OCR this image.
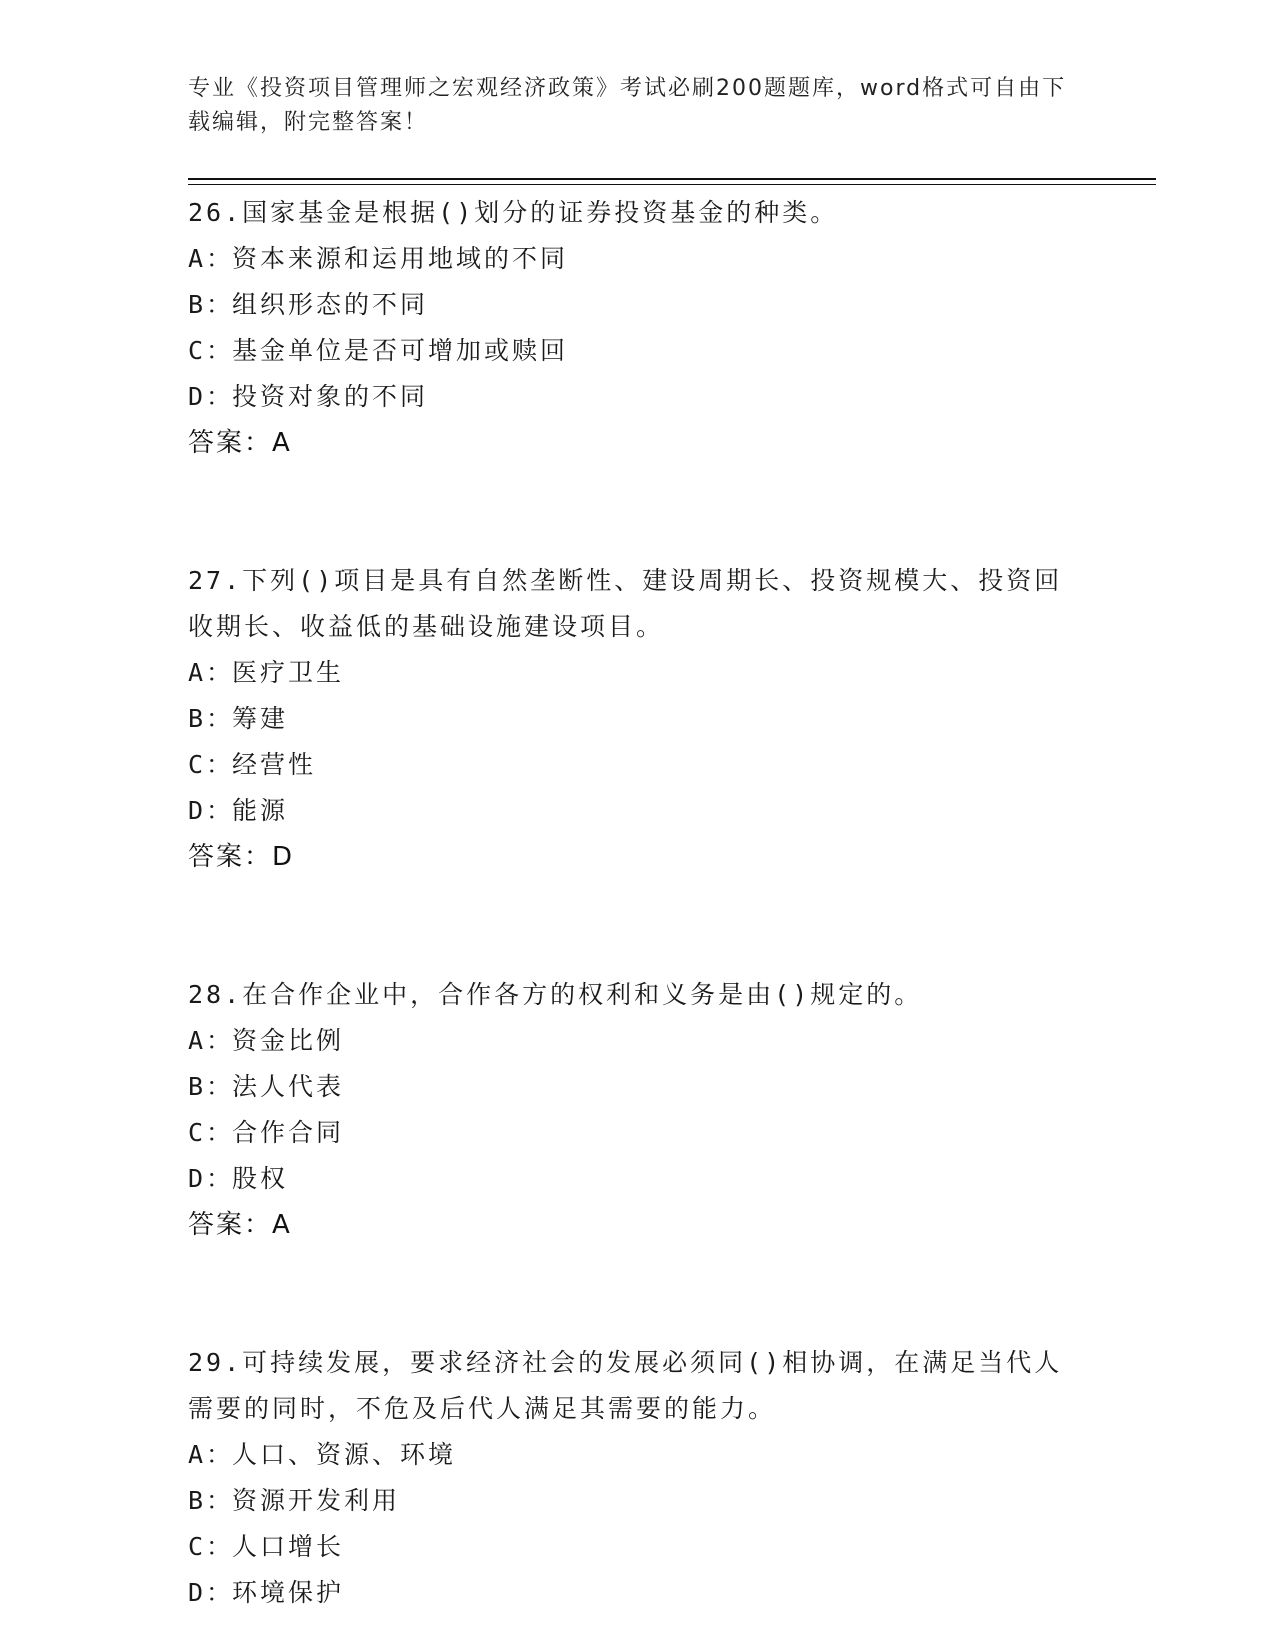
专业《投资项目管理师之宏观经济政策》考试必刷200题题库，word格式可自由下载编辑，附完整答案！
26.国家基金是根据()划分的证券投资基金的种类。
A：资本来源和运用地域的不同
B：组织形态的不同
C：基金单位是否可增加或赎回
D：投资对象的不同
答案：A
27.下列()项目是具有自然垄断性、建设周期长、投资规模大、投资回收期长、收益低的基础设施建设项目。
A：医疗卫生
B：筹建
C：经营性
D：能源
答案：D
28.在合作企业中，合作各方的权利和义务是由()规定的。
A：资金比例
B：法人代表
C：合作合同
D：股权
答案：A
29.可持续发展，要求经济社会的发展必须同()相协调，在满足当代人需要的同时，不危及后代人满足其需要的能力。
A：人口、资源、环境
B：资源开发利用
C：人口增长
D：环境保护
